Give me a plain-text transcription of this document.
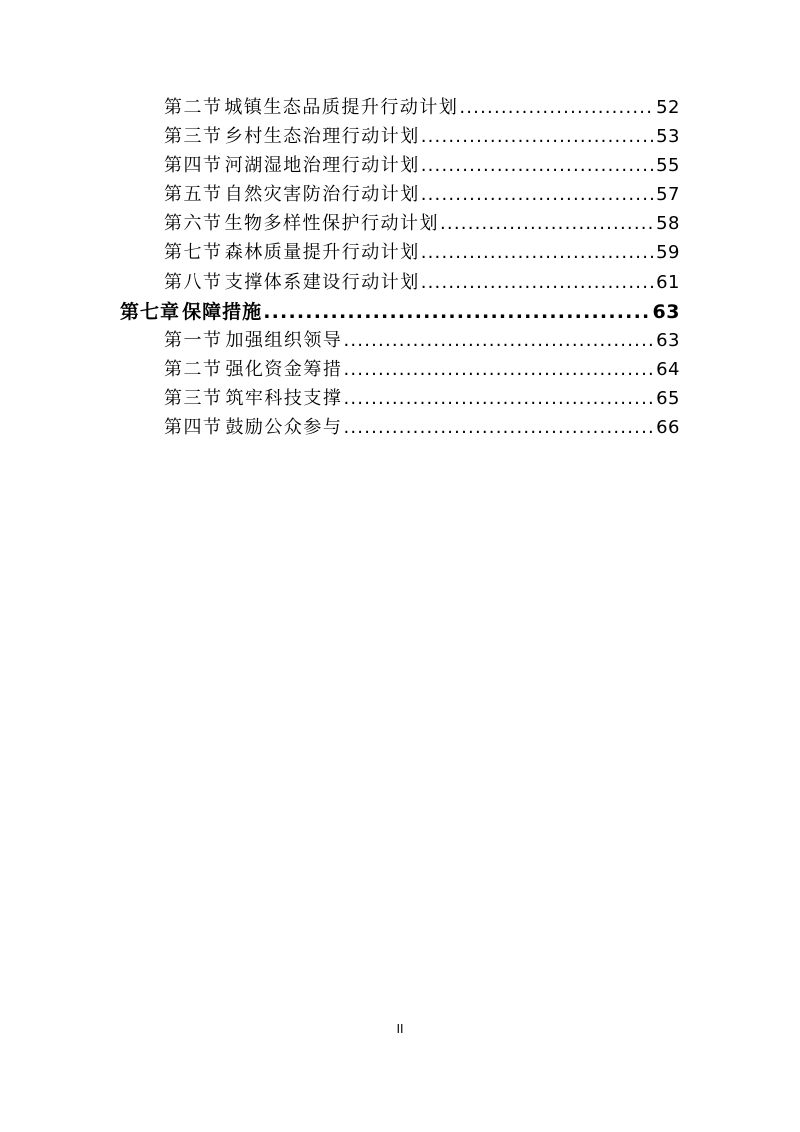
第二节 城镇生态品质提升行动计划 .....	52
第三节 乡村生态治理行动计划 .....	53
第四节 河湖湿地治理行动计划 .....	55
第五节 自然灾害防治行动计划 .....	57
第六节 生物多样性保护行动计划 .....	58
第七节 森林质量提升行动计划 .....	59
第八节 支撑体系建设行动计划 .....	61
第七章 保障措施 .....	63
第一节 加强组织领导 .....	63
第二节 强化资金筹措 .....	64
第三节 筑牢科技支撑 .....	65
第四节 鼓励公众参与 .....	66
II
